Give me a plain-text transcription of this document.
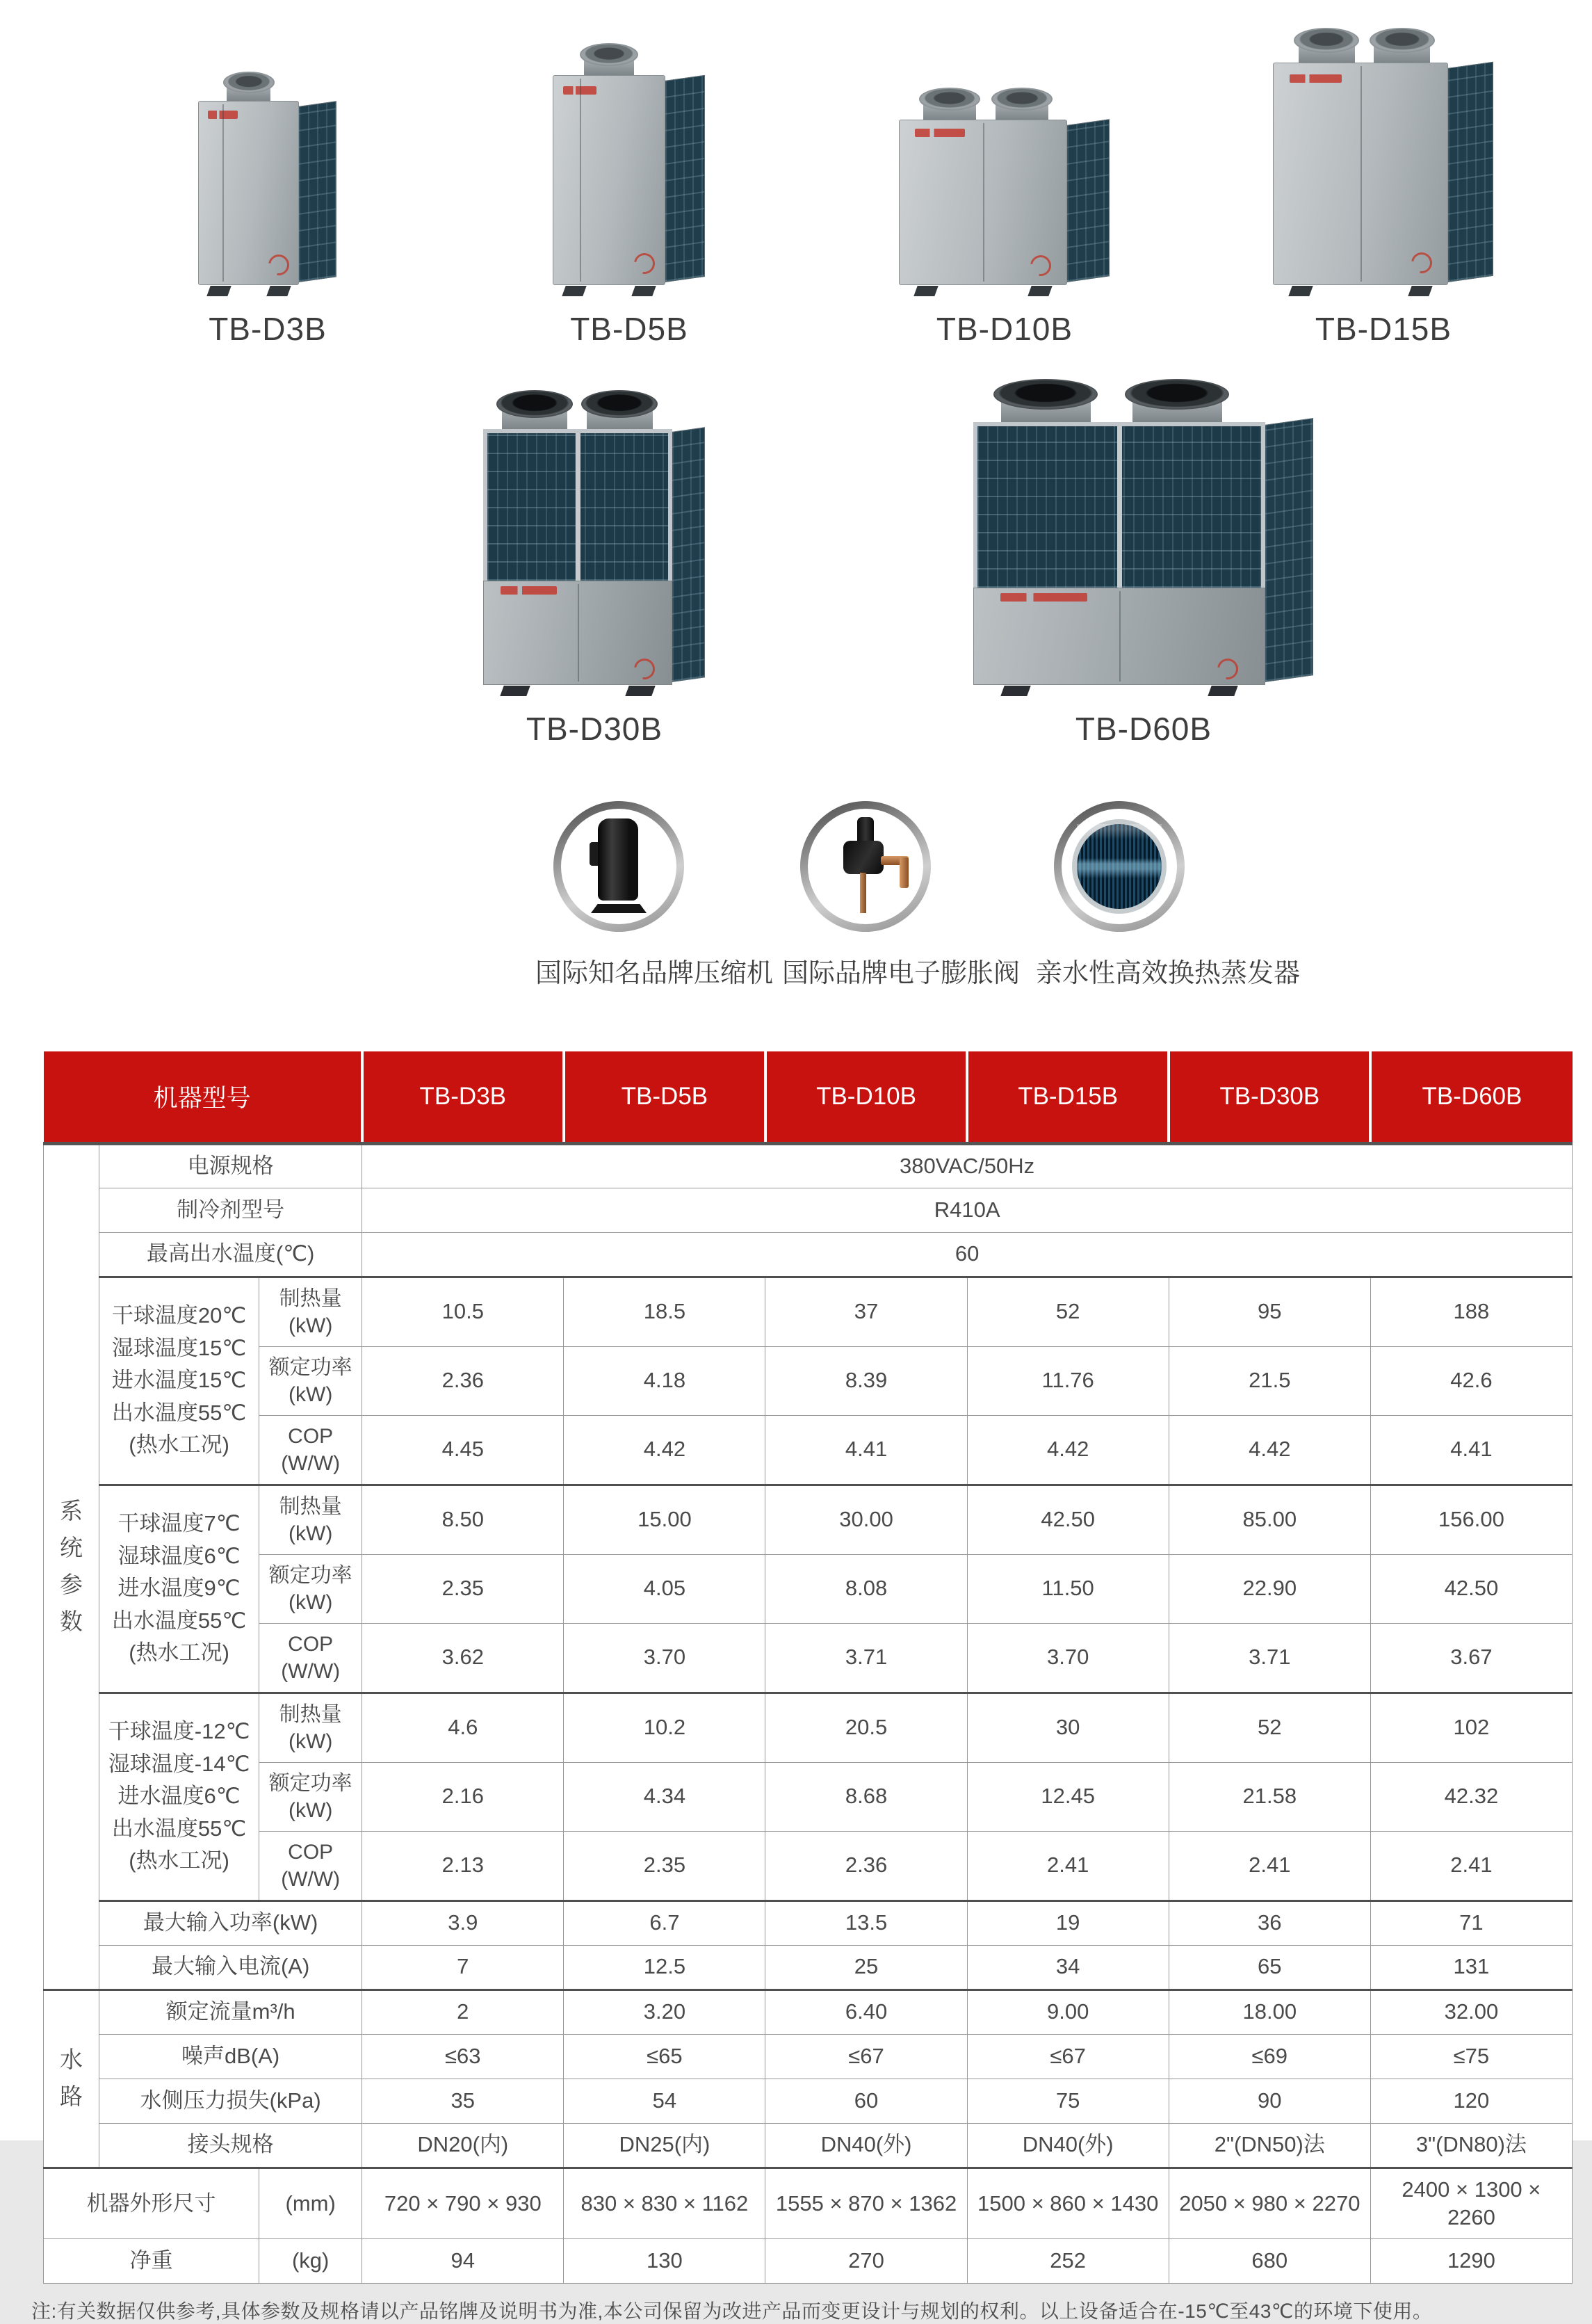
TB-D3B	TB-D5B	TB-D10B	TB-D15B
TB-D30B	TB-D60B
国际知名品牌压缩机 国际品牌电子膨胀阀 亲水性高效换热蒸发器
机器型号			TB-D3B	TB-D5B	TB-D10B	TB-D15B	TB-D30B	TB-D60B
系
统
参
数	电源规格		380VAC/50Hz					
	制冷剂型号		R410A					
	最高出水温度(℃)		60					
	干球温度20℃
湿球温度15℃
进水温度15℃
出水温度55℃
(热水工况)	制热量
(kW)	10.5	18.5	37	52	95	188
		额定功率
(kW)	2.36	4.18	8.39	11.76	21.5	42.6
		COP
(W/W)	4.45	4.42	4.41	4.42	4.42	4.41
	干球温度7℃
湿球温度6℃
进水温度9℃
出水温度55℃
(热水工况)	制热量
(kW)	8.50	15.00	30.00	42.50	85.00	156.00
		额定功率
(kW)	2.35	4.05	8.08	11.50	22.90	42.50
		COP
(W/W)	3.62	3.70	3.71	3.70	3.71	3.67
	干球温度-12℃
湿球温度-14℃
进水温度6℃
出水温度55℃
(热水工况)	制热量
(kW)	4.6	10.2	20.5	30	52	102
		额定功率
(kW)	2.16	4.34	8.68	12.45	21.58	42.32
		COP
(W/W)	2.13	2.35	2.36	2.41	2.41	2.41
	最大输入功率(kW)		3.9	6.7	13.5	19	36	71
	最大输入电流(A)		7	12.5	25	34	65	131
水
路	额定流量m³/h		2	3.20	6.40	9.00	18.00	32.00
	噪声dB(A)		≤63	≤65	≤67	≤67	≤69	≤75
	水侧压力损失(kPa)		35	54	60	75	90	120
	接头规格		DN20(内)	DN25(内)	DN40(外)	DN40(外)	2"(DN50)法	3"(DN80)法
机器外形尺寸		(mm)	720 × 790 × 930	830 × 830 × 1162	1555 × 870 × 1362	1500 × 860 × 1430	2050 × 980 × 2270	2400 × 1300 × 2260
净重		(kg)	94	130	270	252	680	1290

注:有关数据仅供参考,具体参数及规格请以产品铭牌及说明书为准,本公司保留为改进产品而变更设计与规划的权利。以上设备适合在-15℃至43℃的环境下使用。
